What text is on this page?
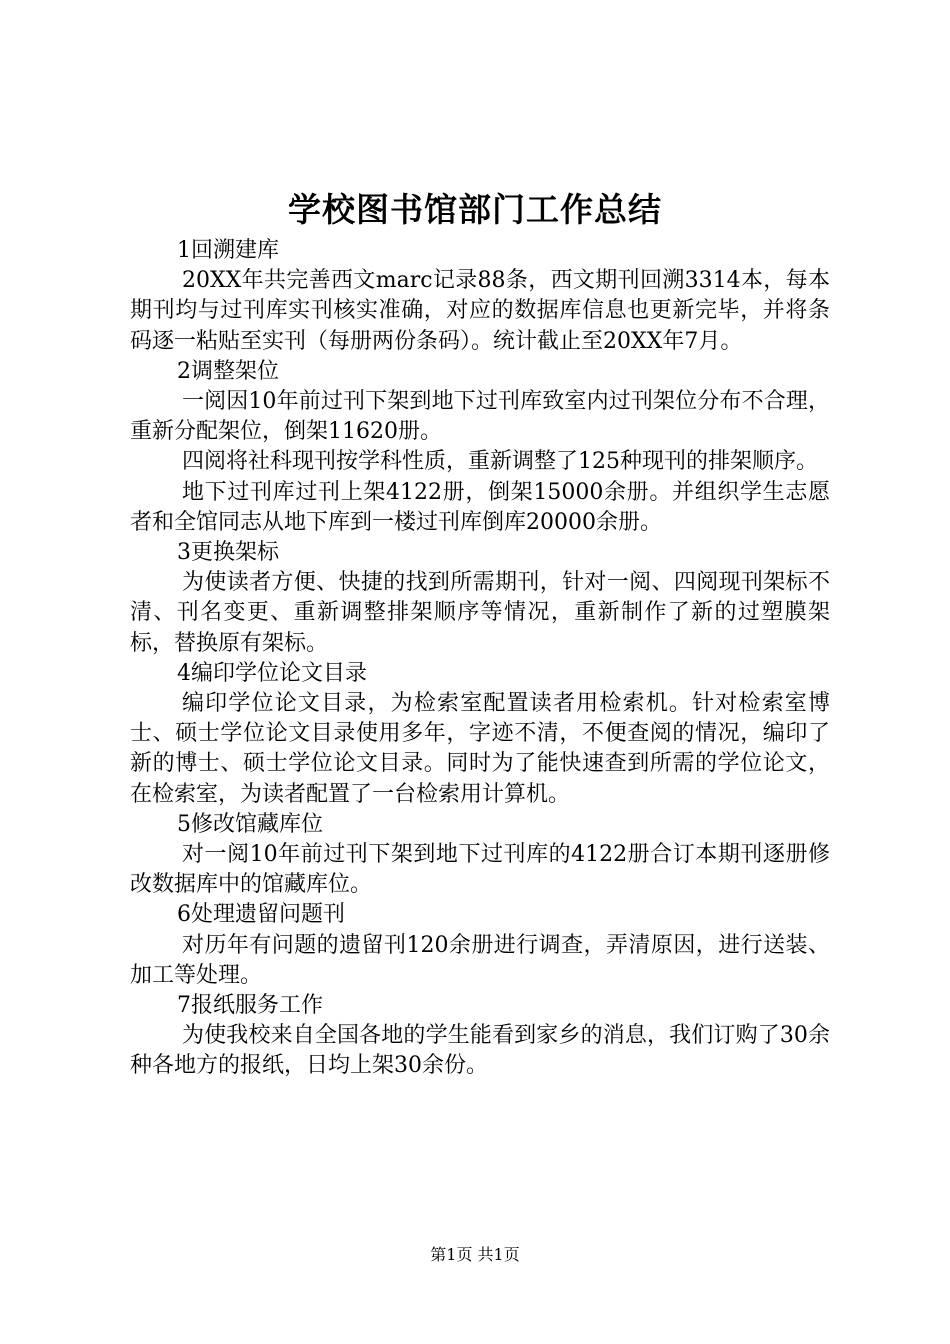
学校图书馆部门工作总结

1回溯建库

20XX年共完善西文marc记录88条，西文期刊回溯3314本，每本期刊均与过刊库实刊核实准确，对应的数据库信息也更新完毕，并将条码逐一粘贴至实刊（每册两份条码）。统计截止至20XX年7月。

2调整架位

一阅因10年前过刊下架到地下过刊库致室内过刊架位分布不合理，重新分配架位，倒架11620册。

四阅将社科现刊按学科性质，重新调整了125种现刊的排架顺序。

地下过刊库过刊上架4122册，倒架15000余册。并组织学生志愿者和全馆同志从地下库到一楼过刊库倒库20000余册。

3更换架标

为使读者方便、快捷的找到所需期刊，针对一阅、四阅现刊架标不清、刊名变更、重新调整排架顺序等情况，重新制作了新的过塑膜架标，替换原有架标。

4编印学位论文目录

编印学位论文目录，为检索室配置读者用检索机。针对检索室博士、硕士学位论文目录使用多年，字迹不清，不便查阅的情况，编印了新的博士、硕士学位论文目录。同时为了能快速查到所需的学位论文，在检索室，为读者配置了一台检索用计算机。

5修改馆藏库位

对一阅10年前过刊下架到地下过刊库的4122册合订本期刊逐册修改数据库中的馆藏库位。

6处理遗留问题刊

对历年有问题的遗留刊120余册进行调查，弄清原因，进行送装、加工等处理。

7报纸服务工作

为使我校来自全国各地的学生能看到家乡的消息，我们订购了30余种各地方的报纸，日均上架30余份。

第1页 共1页
